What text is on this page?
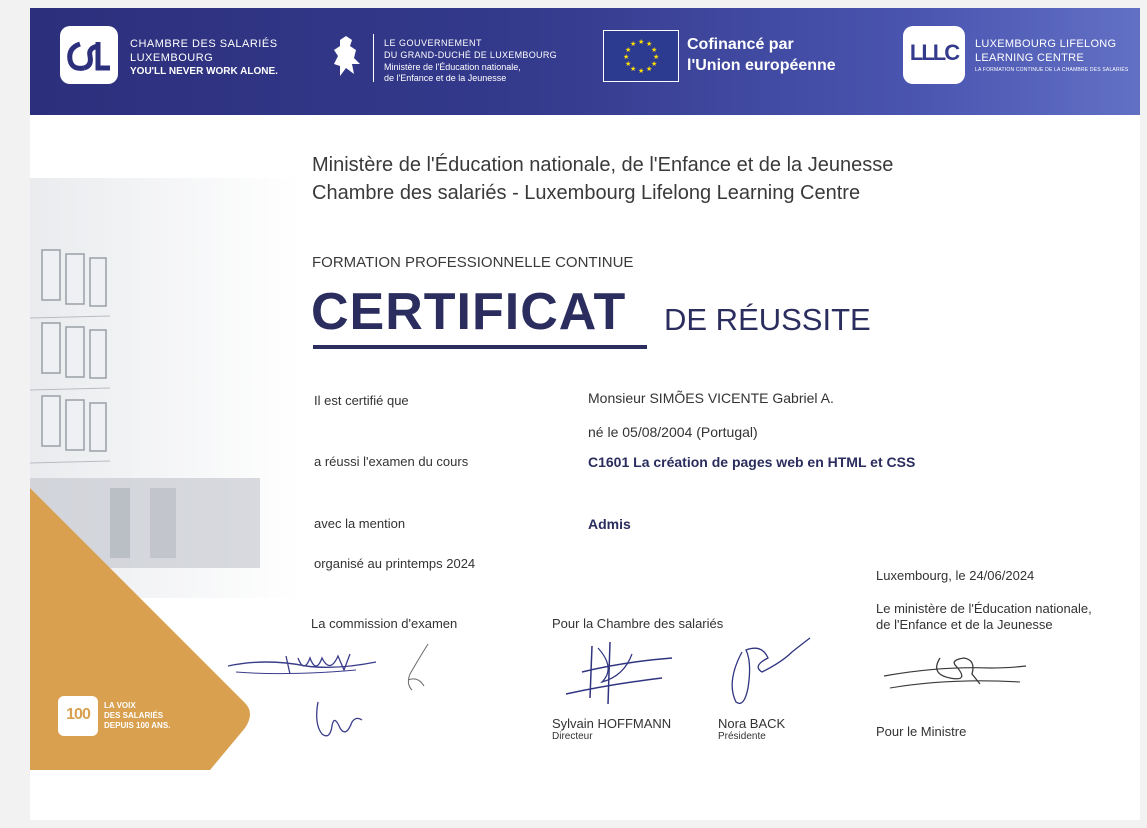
CHAMBRE DES SALARIÉS
LUXEMBOURG
YOU'LL NEVER WORK ALONE.
LE GOUVERNEMENT
DU GRAND-DUCHÉ DE LUXEMBOURG
Ministère de l'Éducation nationale,
de l'Enfance et de la Jeunesse
★ ★
★
★
★
★
★
★
★
★
★
★	Cofinancé par
l'Union européenne
LLLC LUXEMBOURG LIFELONG
LEARNING CENTRE
LA FORMATION CONTINUE DE LA CHAMBRE DES SALARIÉS
100
LA VOIX
DES SALARIÉS
DEPUIS 100 ANS.
Ministère de l'Éducation nationale, de l'Enfance et de la Jeunesse
Chambre des salariés - Luxembourg Lifelong Learning Centre
FORMATION PROFESSIONNELLE CONTINUE
CERTIFICAT DE RÉUSSITE
Il est certifié que	Monsieur SIMÕES VICENTE Gabriel A.
né le 05/08/2004 (Portugal)
a réussi l'examen du cours	C1601 La création de pages web en HTML et CSS
avec la mention	Admis
organisé au printemps 2024
Luxembourg, le 24/06/2024
La commission d'examen	Pour la Chambre des salariés
Le ministère de l'Éducation nationale,
de l'Enfance et de la Jeunesse
Sylvain HOFFMANN
Directeur
Nora BACK
Présidente	Pour le Ministre
